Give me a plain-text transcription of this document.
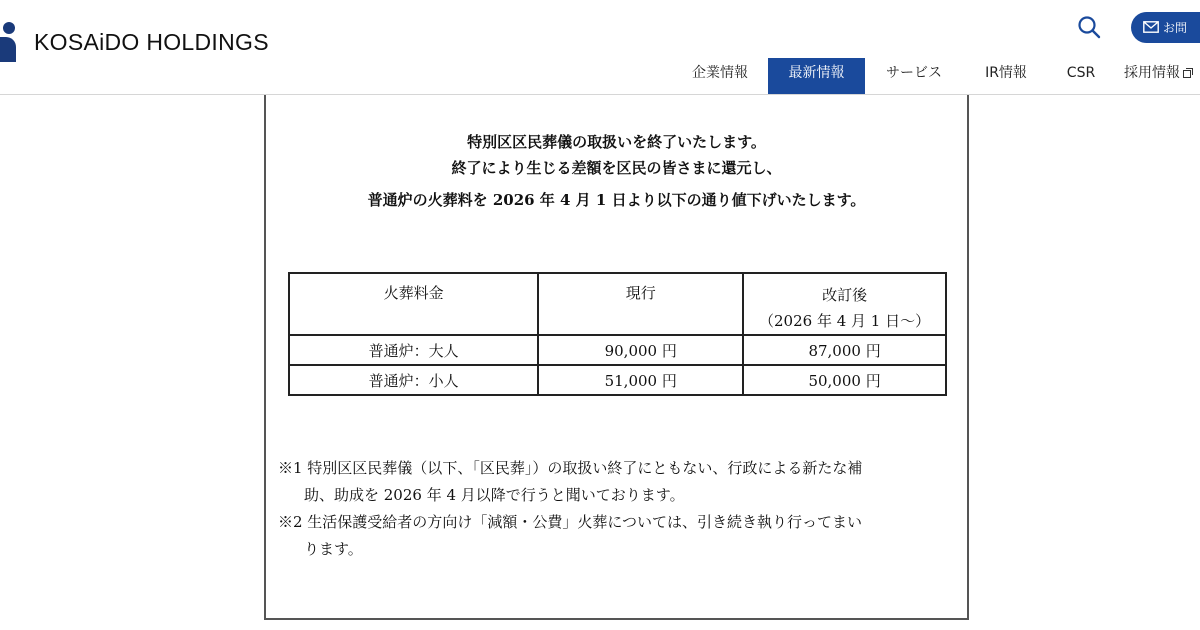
KOSAiDO HOLDINGS
お問
企業情報	最新情報	サービス	IR情報	CSR	採用情報
特別区区民葬儀の取扱いを終了いたします。
終了により生じる差額を区民の皆さまに還元し、
普通炉の火葬料を 2026 年 4 月 1 日より以下の通り値下げいたします。
火葬料金	現行	改訂後
（2026 年 4 月 1 日〜）

普通炉：大人	90,000 円	87,000 円
普通炉：小人	51,000 円	50,000 円
※1 特別区区民葬儀（以下、「区民葬」）の取扱い終了にともない、行政による新たな補
助、助成を 2026 年 4 月以降で行うと聞いております。
※2 生活保護受給者の方向け「減額・公費」火葬については、引き続き執り行ってまい
ります。
